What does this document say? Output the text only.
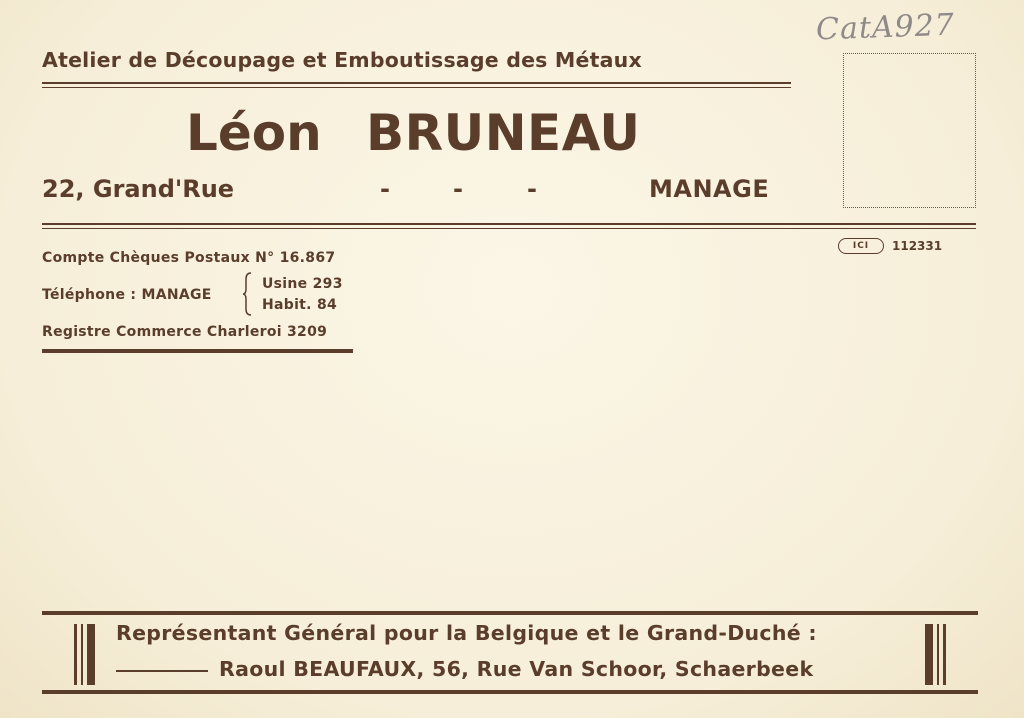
Atelier de Découpage et Emboutissage des Métaux
Léon BRUNEAU
22, Grand'Rue	-	-	-	MANAGE
CatA927
ICI	112331
Compte Chèques Postaux N° 16.867
Téléphone : MANAGE
Usine 293
Habit. 84
Registre Commerce Charleroi 3209
Représentant Général pour la Belgique et le Grand-Duché :
Raoul BEAUFAUX, 56, Rue Van Schoor, Schaerbeek
